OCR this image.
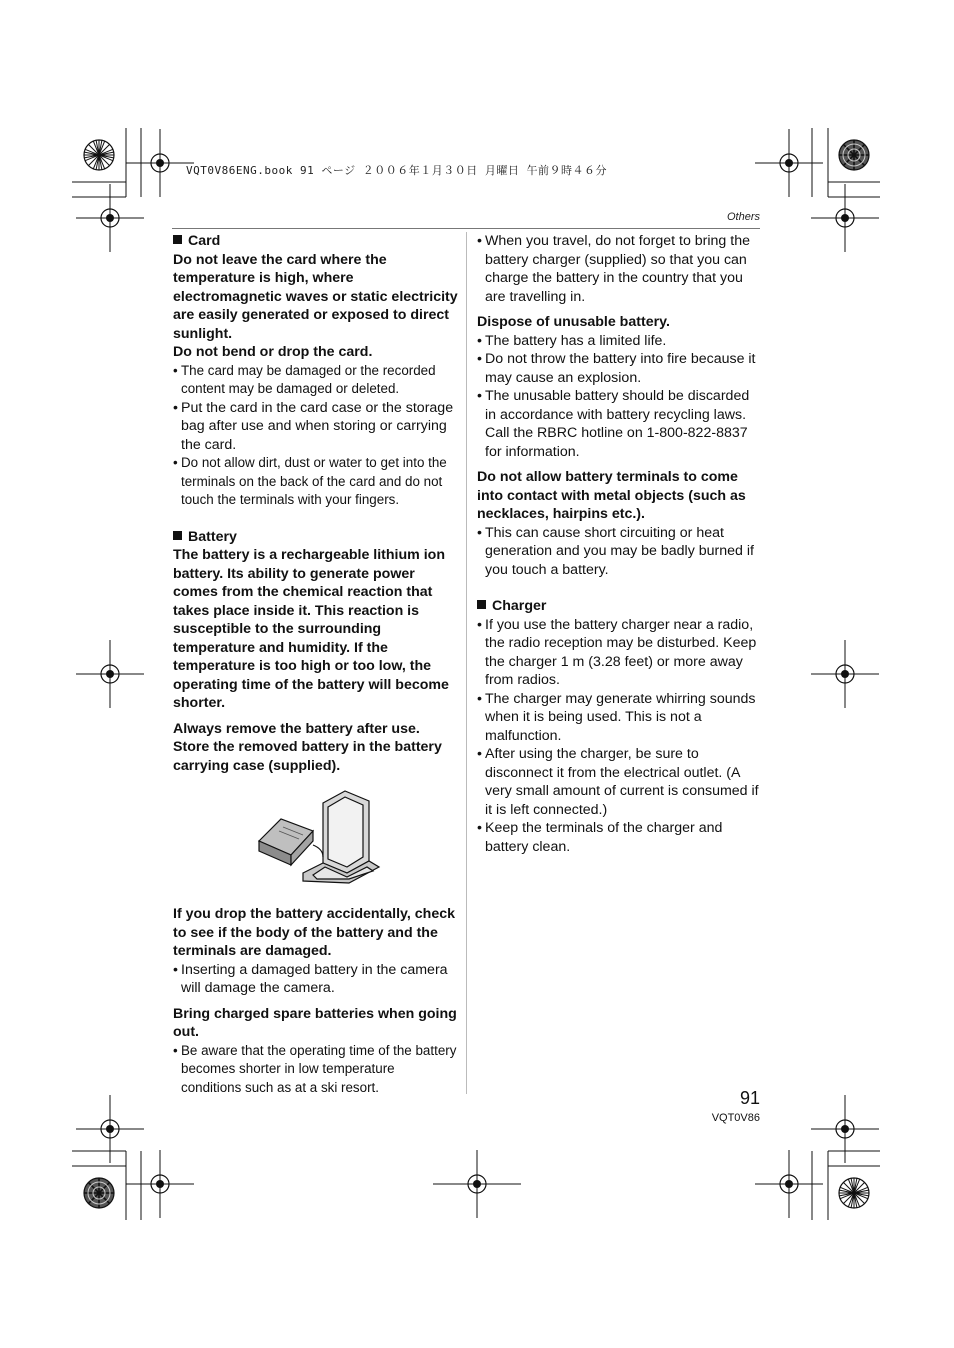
VQT0V86ENG.book 91 ページ ２００６年１月３０日 月曜日 午前９時４６分
Others

Card

Do not leave the card where the temperature is high, where electromagnetic waves or static electricity are easily generated or exposed to direct sunlight.

Do not bend or drop the card.

• The card may be damaged or the recorded content may be damaged or deleted.
• Put the card in the card case or the storage bag after use and when storing or carrying the card.
• Do not allow dirt, dust or water to get into the terminals on the back of the card and do not touch the terminals with your fingers.

Battery

The battery is a rechargeable lithium ion battery. Its ability to generate power comes from the chemical reaction that takes place inside it. This reaction is susceptible to the surrounding temperature and humidity. If the temperature is too high or too low, the operating time of the battery will become shorter.

Always remove the battery after use. Store the removed battery in the battery carrying case (supplied).

If you drop the battery accidentally, check to see if the body of the battery and the terminals are damaged.

• Inserting a damaged battery in the camera will damage the camera.

Bring charged spare batteries when going out.

• Be aware that the operating time of the battery becomes shorter in low temperature conditions such as at a ski resort.
• When you travel, do not forget to bring the battery charger (supplied) so that you can charge the battery in the country that you are travelling in.

Dispose of unusable battery.

• The battery has a limited life.
• Do not throw the battery into fire because it may cause an explosion.
• The unusable battery should be discarded in accordance with battery recycling laws. Call the RBRC hotline on 1-800-822-8837 for information.

Do not allow battery terminals to come into contact with metal objects (such as necklaces, hairpins etc.).

• This can cause short circuiting or heat generation and you may be badly burned if you touch a battery.

Charger

• If you use the battery charger near a radio, the radio reception may be disturbed. Keep the charger 1 m (3.28 feet) or more away from radios.
• The charger may generate whirring sounds when it is being used. This is not a malfunction.
• After using the charger, be sure to disconnect it from the electrical outlet. (A very small amount of current is consumed if it is left connected.)
• Keep the terminals of the charger and battery clean.
91
VQT0V86
